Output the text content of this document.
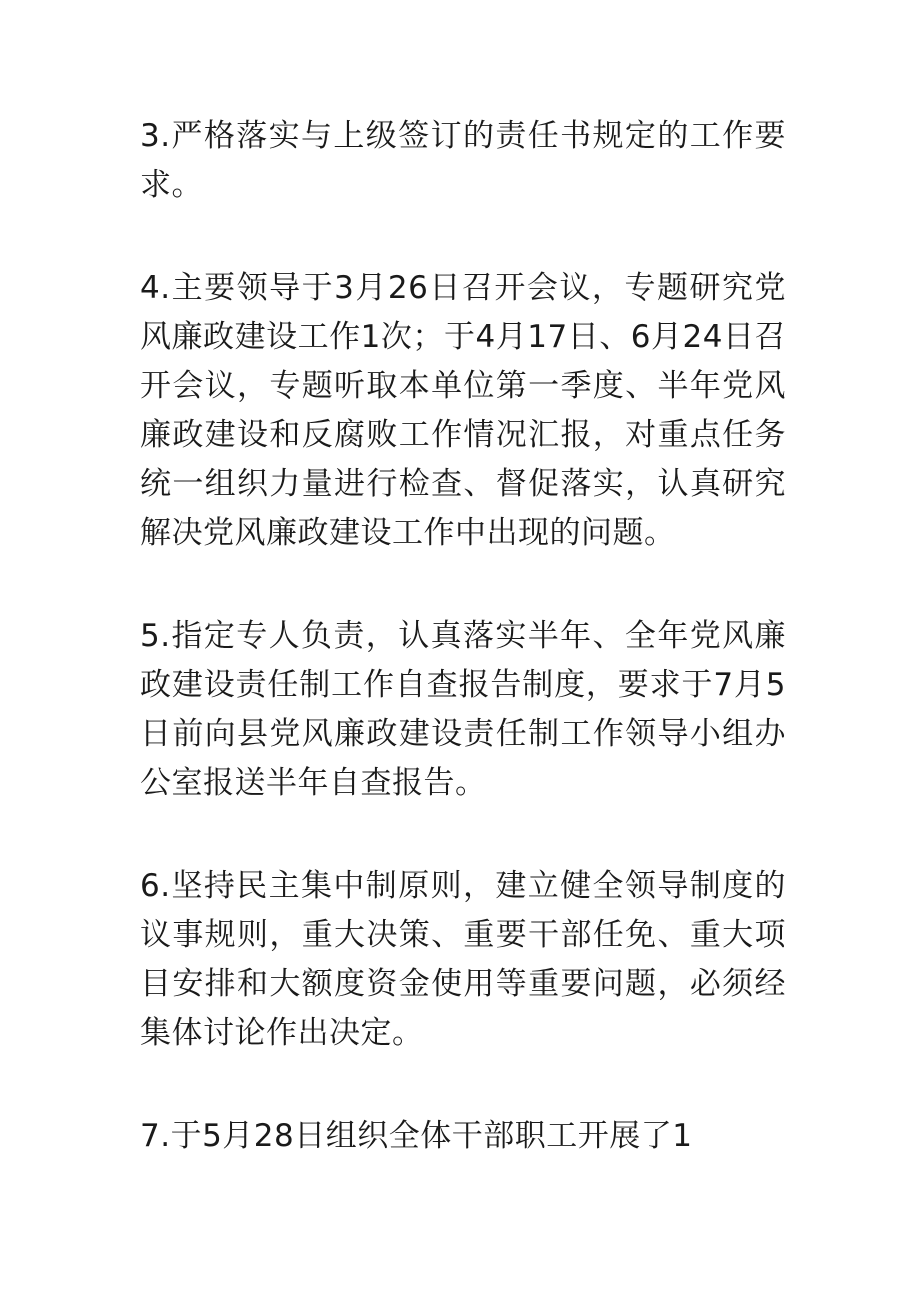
3.严格落实与上级签订的责任书规定的工作要求。

4.主要领导于3月26日召开会议，专题研究党风廉政建设工作1次；于4月17日、6月24日召开会议，专题听取本单位第一季度、半年党风廉政建设和反腐败工作情况汇报，对重点任务统一组织力量进行检查、督促落实，认真研究解决党风廉政建设工作中出现的问题。

5.指定专人负责，认真落实半年、全年党风廉政建设责任制工作自查报告制度，要求于7月5日前向县党风廉政建设责任制工作领导小组办公室报送半年自查报告。

6.坚持民主集中制原则，建立健全领导制度的议事规则，重大决策、重要干部任免、重大项目安排和大额度资金使用等重要问题，必须经集体讨论作出决定。

7.于5月28日组织全体干部职工开展了1
